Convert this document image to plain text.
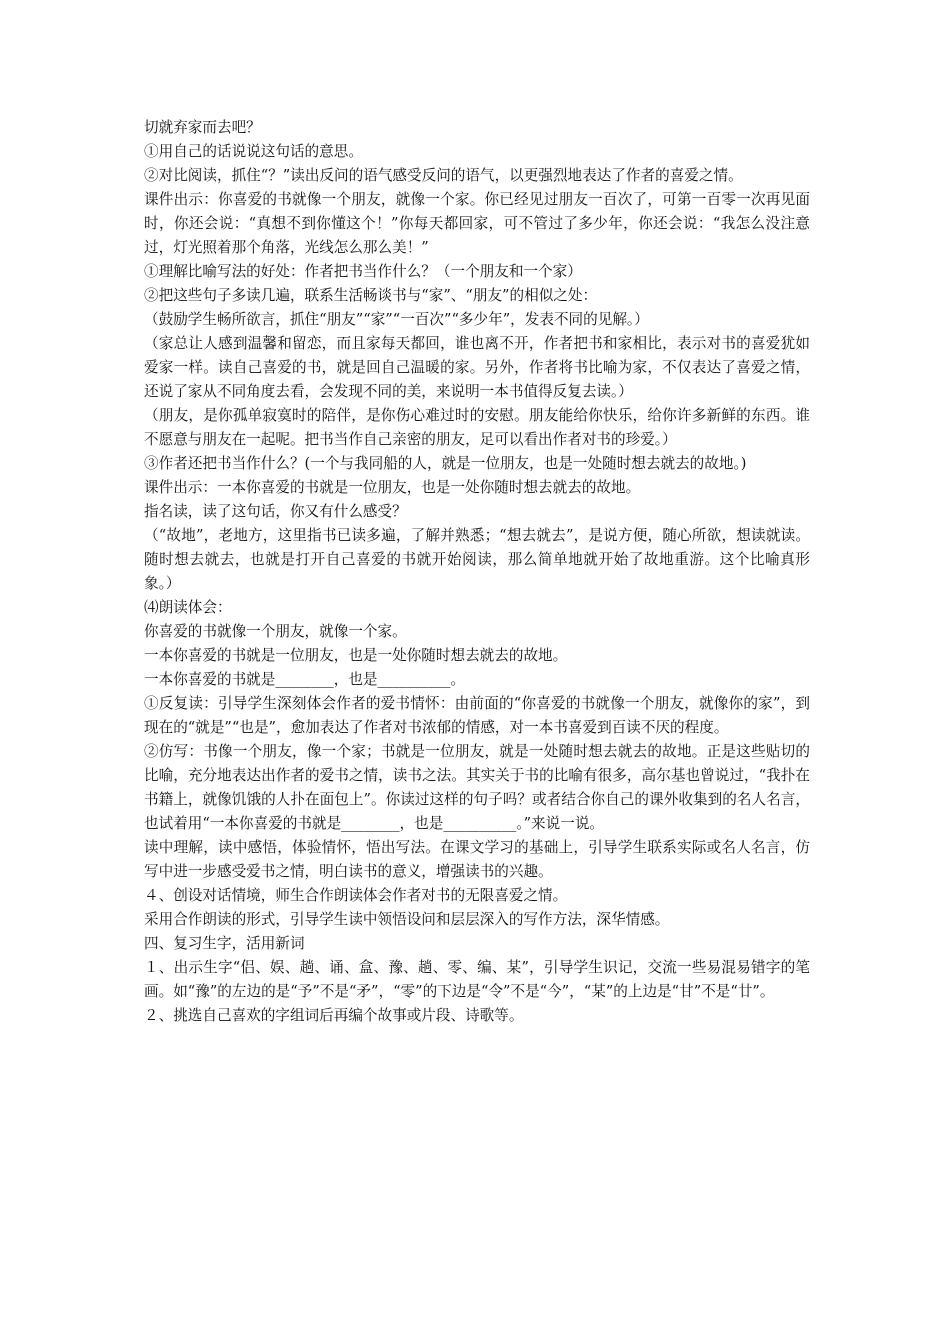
切就弃家而去吧？

①用自己的话说说这句话的意思。

②对比阅读，抓住“？”读出反问的语气感受反问的语气，以更强烈地表达了作者的喜爱之情。

课件出示：你喜爱的书就像一个朋友，就像一个家。你已经见过朋友一百次了，可第一百零一次再见面时，你还会说：“真想不到你懂这个！”你每天都回家，可不管过了多少年，你还会说：“我怎么没注意过，灯光照着那个角落，光线怎么那么美！”

①理解比喻写法的好处：作者把书当作什么？（一个朋友和一个家）

②把这些句子多读几遍，联系生活畅谈书与“家”、“朋友”的相似之处：

（鼓励学生畅所欲言，抓住“朋友”“家”“一百次”“多少年”，发表不同的见解。）

（家总让人感到温馨和留恋，而且家每天都回，谁也离不开，作者把书和家相比，表示对书的喜爱犹如爱家一样。读自己喜爱的书，就是回自己温暖的家。另外，作者将书比喻为家，不仅表达了喜爱之情，还说了家从不同角度去看，会发现不同的美，来说明一本书值得反复去读。）

（朋友，是你孤单寂寞时的陪伴，是你伤心难过时的安慰。朋友能给你快乐，给你许多新鲜的东西。谁不愿意与朋友在一起呢。把书当作自己亲密的朋友，足可以看出作者对书的珍爱。）

③作者还把书当作什么？(一个与我同船的人，就是一位朋友，也是一处随时想去就去的故地。)

课件出示：一本你喜爱的书就是一位朋友，也是一处你随时想去就去的故地。

指名读，读了这句话，你又有什么感受？

（“故地”，老地方，这里指书已读多遍，了解并熟悉；“想去就去”，是说方便，随心所欲，想读就读。随时想去就去，也就是打开自己喜爱的书就开始阅读，那么简单地就开始了故地重游。这个比喻真形象。）

⑷朗读体会：

你喜爱的书就像一个朋友，就像一个家。

一本你喜爱的书就是一位朋友，也是一处你随时想去就去的故地。

一本你喜爱的书就是________，也是__________。

①反复读：引导学生深刻体会作者的爱书情怀：由前面的“你喜爱的书就像一个朋友，就像你的家”，到现在的“就是”“也是”，愈加表达了作者对书浓郁的情感，对一本书喜爱到百读不厌的程度。

②仿写：书像一个朋友，像一个家；书就是一位朋友，就是一处随时想去就去的故地。正是这些贴切的比喻，充分地表达出作者的爱书之情，读书之法。其实关于书的比喻有很多，高尔基也曾说过，“我扑在书籍上，就像饥饿的人扑在面包上”。你读过这样的句子吗？或者结合你自己的课外收集到的名人名言，也试着用“一本你喜爱的书就是________，也是__________。”来说一说。

读中理解，读中感悟，体验情怀，悟出写法。在课文学习的基础上，引导学生联系实际或名人名言，仿写中进一步感受爱书之情，明白读书的意义，增强读书的兴趣。

４、创设对话情境，师生合作朗读体会作者对书的无限喜爱之情。

采用合作朗读的形式，引导学生读中领悟设问和层层深入的写作方法，深华情感。

四、复习生字，活用新词

１、出示生字“侣、娱、趟、诵、盒、豫、趟、零、编、某”，引导学生识记，交流一些易混易错字的笔画。如“豫”的左边的是“予”不是“矛”，“零”的下边是“令”不是“今”，“某”的上边是“甘”不是“廿”。

２、挑选自己喜欢的字组词后再编个故事或片段、诗歌等。
